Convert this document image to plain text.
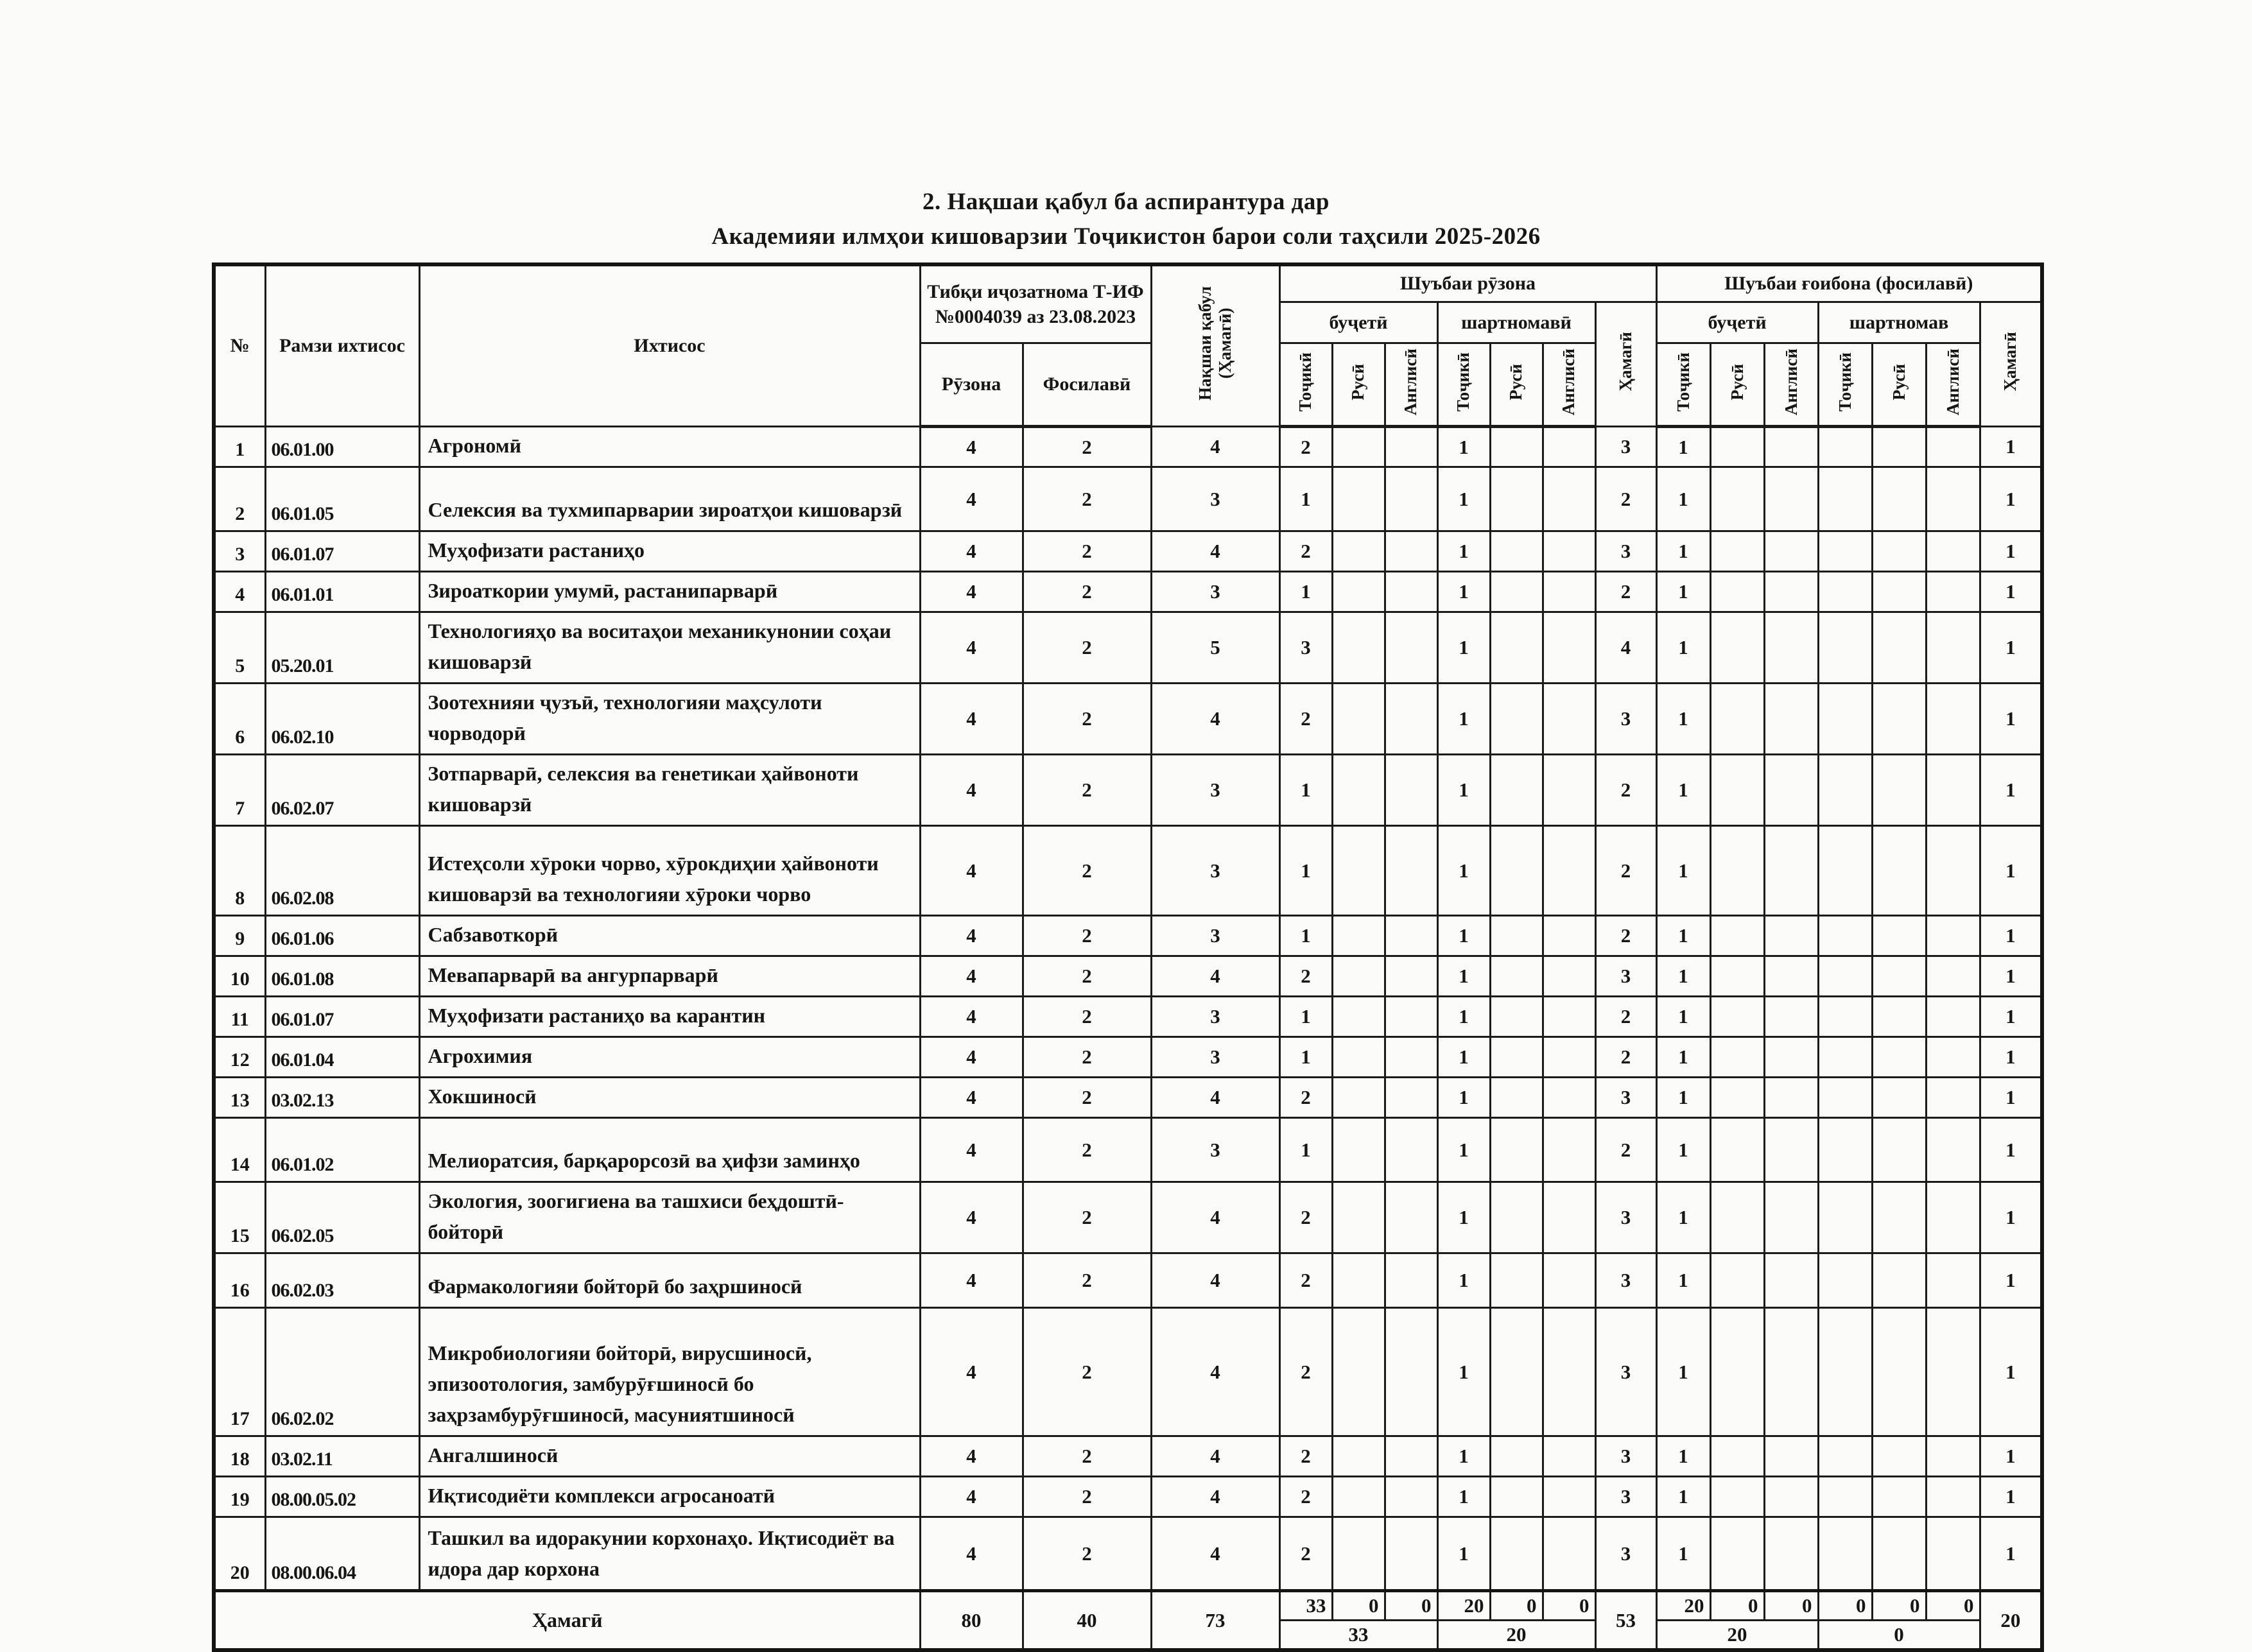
2. Нақшаи қабул ба аспирантура дар
Академияи илмҳои кишоварзии Тоҷикистон барои соли таҳсили 2025-2026
№	Рамзи ихтисос	Ихтисос	Тибқи иҷозатнома Т-ИФ №0004039 аз 23.08.2023		Нақшаи қабул (Ҳамагӣ)	Шуъбаи рӯзона							Шуъбаи ғоибона (фосилавӣ)						
						буҷетӣ			шартномавӣ			Ҳамагӣ	буҷетӣ			шартномав			Ҳамагӣ
			Рӯзона	Фосилавӣ		Тоҷикӣ	Русӣ	Англисӣ	Тоҷикӣ	Русӣ	Англисӣ		Тоҷикӣ	Русӣ	Англисӣ	Тоҷикӣ	Русӣ	Англисӣ	
1	06.01.00	Агрономӣ	4	2	4	2			1			3	1						1
2	06.01.05	Селексия ва тухмипарварии зироатҳои кишоварзӣ	4	2	3	1			1			2	1						1
3	06.01.07	Муҳофизати растаниҳо	4	2	4	2			1			3	1						1
4	06.01.01	Зироаткории умумӣ, растанипарварӣ	4	2	3	1			1			2	1						1
5	05.20.01	Технологияҳо ва воситаҳои механикунонии соҳаи кишоварзӣ	4	2	5	3			1			4	1						1
6	06.02.10	Зоотехнияи ҷузъӣ, технологияи маҳсулоти чорводорӣ	4	2	4	2			1			3	1						1
7	06.02.07	Зотпарварӣ, селексия ва генетикаи ҳайвоноти кишоварзӣ	4	2	3	1			1			2	1						1
8	06.02.08	Истеҳсоли хӯроки чорво, хӯрокдиҳии ҳайвоноти кишоварзӣ ва технологияи хӯроки чорво	4	2	3	1			1			2	1						1
9	06.01.06	Сабзавоткорӣ	4	2	3	1			1			2	1						1
10	06.01.08	Мевапарварӣ ва ангурпарварӣ	4	2	4	2			1			3	1						1
11	06.01.07	Муҳофизати растаниҳо ва карантин	4	2	3	1			1			2	1						1
12	06.01.04	Агрохимия	4	2	3	1			1			2	1						1
13	03.02.13	Хокшиносӣ	4	2	4	2			1			3	1						1
14	06.01.02	Мелиоратсия, барқарорсозӣ ва ҳифзи заминҳо	4	2	3	1			1			2	1						1
15	06.02.05	Экология, зоогигиена ва ташхиси беҳдоштӣ-бойторӣ	4	2	4	2			1			3	1						1
16	06.02.03	Фармакологияи бойторӣ бо заҳршиносӣ	4	2	4	2			1			3	1						1
17	06.02.02	Микробиологияи бойторӣ, вирусшиносӣ, эпизоотология, замбурӯғшиносӣ бо заҳрзамбурӯғшиносӣ, масуниятшиносӣ	4	2	4	2			1			3	1						1
18	03.02.11	Ангалшиносӣ	4	2	4	2			1			3	1						1
19	08.00.05.02	Иқтисодиёти комплекси агросаноатӣ	4	2	4	2			1			3	1						1
20	08.00.06.04	Ташкил ва идоракунии корхонаҳо. Иқтисодиёт ва идора дар корхона	4	2	4	2			1			3	1						1
Ҳамагӣ			80	40	73	33	0	0	20	0	0	53	20	0	0	0	0	0	20
						33			20				20			0			
